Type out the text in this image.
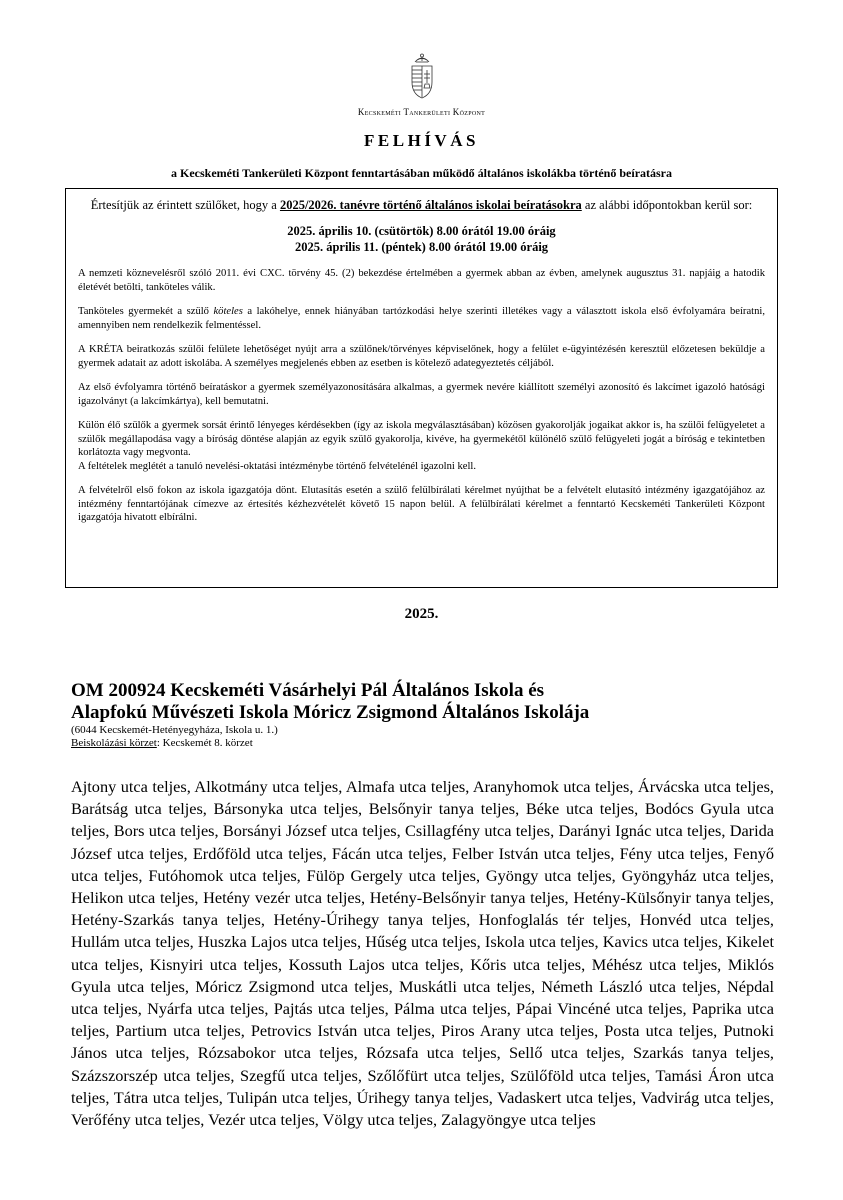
Kecskeméti Tankerületi Központ
FELHÍVÁS
a Kecskeméti Tankerületi Központ fenntartásában működő általános iskolákba történő beíratásra

Értesítjük az érintett szülőket, hogy a 2025/2026. tanévre történő általános iskolai beíratásokra az alábbi időpontokban kerül sor:

2025. április 10. (csütörtök) 8.00 órától 19.00 óráig
2025. április 11. (péntek) 8.00 órától 19.00 óráig

A nemzeti köznevelésről szóló 2011. évi CXC. törvény 45. (2) bekezdése értelmében a gyermek abban az évben, amelynek augusztus 31. napjáig a hatodik életévét betölti, tanköteles válik.

Tanköteles gyermekét a szülő köteles a lakóhelye, ennek hiányában tartózkodási helye szerinti illetékes vagy a választott iskola első évfolyamára beíratni, amennyiben nem rendelkezik felmentéssel.

A KRÉTA beiratkozás szülői felülete lehetőséget nyújt arra a szülőnek/törvényes képviselőnek, hogy a felület e-ügyintézésén keresztül előzetesen beküldje a gyermek adatait az adott iskolába. A személyes megjelenés ebben az esetben is kötelező adategyeztetés céljából.

Az első évfolyamra történő beíratáskor a gyermek személyazonosítására alkalmas, a gyermek nevére kiállított személyi azonosító és lakcímet igazoló hatósági igazolványt (a lakcímkártya), kell bemutatni.

Külön élő szülők a gyermek sorsát érintő lényeges kérdésekben (így az iskola megválasztásában) közösen gyakorolják jogaikat akkor is, ha szülői felügyeletet a szülők megállapodása vagy a bíróság döntése alapján az egyik szülő gyakorolja, kivéve, ha gyermekétől különélő szülő felügyeleti jogát a bíróság e tekintetben korlátozta vagy megvonta.

A feltételek meglétét a tanuló nevelési-oktatási intézménybe történő felvételénél igazolni kell.

A felvételről első fokon az iskola igazgatója dönt. Elutasítás esetén a szülő felülbírálati kérelmet nyújthat be a felvételt elutasító intézmény igazgatójához az intézmény fenntartójának címezve az értesítés kézhezvételét követő 15 napon belül. A felülbírálati kérelmet a fenntartó Kecskeméti Tankerületi Központ igazgatója hivatott elbírálni.

2025.

OM 200924 Kecskeméti Vásárhelyi Pál Általános Iskola és

Alapfokú Művészeti Iskola Móricz Zsigmond Általános Iskolája

(6044 Kecskemét-Hetényegyháza, Iskola u. 1.)

Beiskolázási körzet: Kecskemét 8. körzet

Ajtony utca teljes, Alkotmány utca teljes, Almafa utca teljes, Aranyhomok utca teljes, Árvácska utca teljes, Barátság utca teljes, Bársonyka utca teljes, Belsőnyir tanya teljes, Béke utca teljes, Bodócs Gyula utca teljes, Bors utca teljes, Borsányi József utca teljes, Csillagfény utca teljes, Darányi Ignác utca teljes, Darida József utca teljes, Erdőföld utca teljes, Fácán utca teljes, Felber István utca teljes, Fény utca teljes, Fenyő utca teljes, Futóhomok utca teljes, Fülöp Gergely utca teljes, Gyöngy utca teljes, Gyöngyház utca teljes, Helikon utca teljes, Hetény vezér utca teljes, Hetény-Belsőnyir tanya teljes, Hetény-Külsőnyir tanya teljes, Hetény-Szarkás tanya teljes, Hetény-Úrihegy tanya teljes, Honfoglalás tér teljes, Honvéd utca teljes, Hullám utca teljes, Huszka Lajos utca teljes, Hűség utca teljes, Iskola utca teljes, Kavics utca teljes, Kikelet utca teljes, Kisnyiri utca teljes, Kossuth Lajos utca teljes, Kőris utca teljes, Méhész utca teljes, Miklós Gyula utca teljes, Móricz Zsigmond utca teljes, Muskátli utca teljes, Németh László utca teljes, Népdal utca teljes, Nyárfa utca teljes, Pajtás utca teljes, Pálma utca teljes, Pápai Vincéné utca teljes, Paprika utca teljes, Partium utca teljes, Petrovics István utca teljes, Piros Arany utca teljes, Posta utca teljes, Putnoki János utca teljes, Rózsabokor utca teljes, Rózsafa utca teljes, Sellő utca teljes, Szarkás tanya teljes, Százszorszép utca teljes, Szegfű utca teljes, Szőlőfürt utca teljes, Szülőföld utca teljes, Tamási Áron utca teljes, Tátra utca teljes, Tulipán utca teljes, Úrihegy tanya teljes, Vadaskert utca teljes, Vadvirág utca teljes, Verőfény utca teljes, Vezér utca teljes, Völgy utca teljes, Zalagyöngye utca teljes
